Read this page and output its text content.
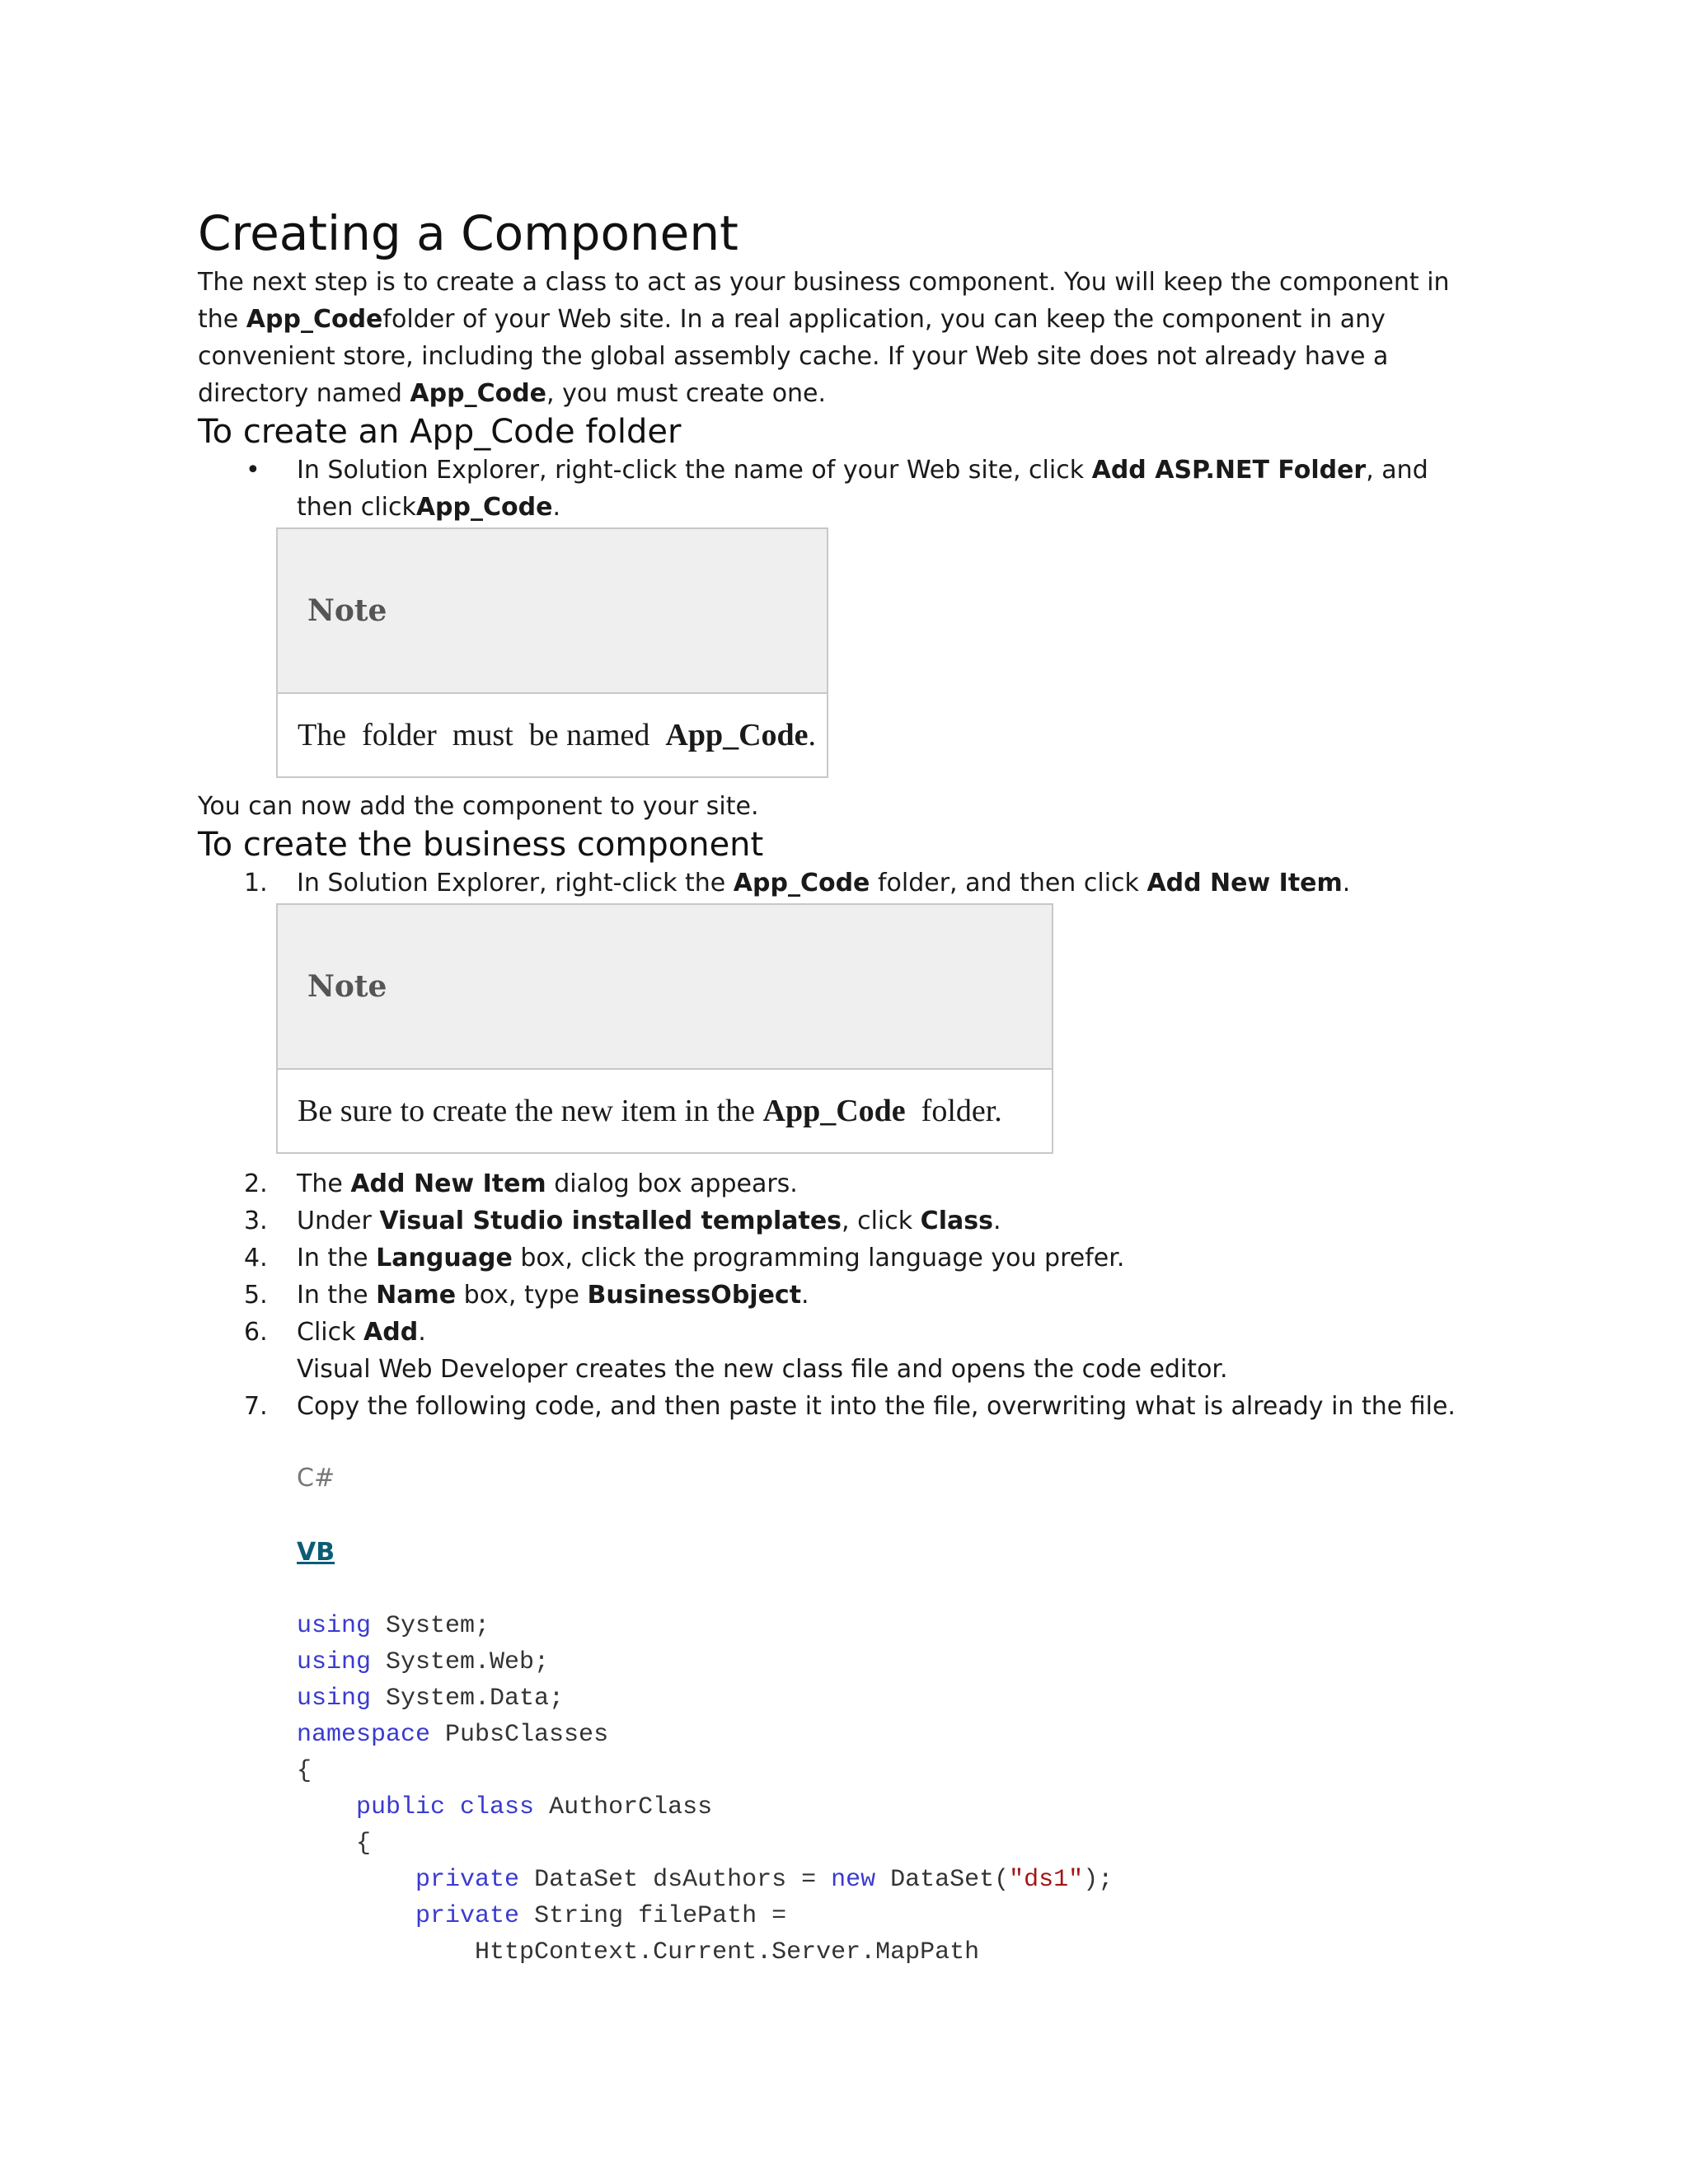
Creating a Component

The next step is to create a class to act as your business component. You will keep the component in the App_Codefolder of your Web site. In a real application, you can keep the component in any convenient store, including the global assembly cache. If your Web site does not already have a directory named App_Code, you must create one.

To create an App_Code folder
• In Solution Explorer, right-click the name of your Web site, click Add ASP.NET Folder, and then clickApp_Code.
Note
The  folder  must  be named App_Code .

You can now add the component to your site.

To create the business component
1. In Solution Explorer, right-click the App_Code folder, and then click Add New Item.
Note
Be sure to create the new item in the App_Code folder.
2. The Add New Item dialog box appears.
3. Under Visual Studio installed templates, click Class.
4. In the Language box, click the programming language you prefer.
5. In the Name box, type BusinessObject.
6. Click Add.

Visual Web Developer creates the new class file and opens the code editor.

7. Copy the following code, and then paste it into the file, overwriting what is already in the file.
C#
VB
using System;
using System.Web;
using System.Data;
namespace PubsClasses
{
public class AuthorClass
{
private DataSet dsAuthors = new DataSet("ds1");
private String filePath =
HttpContext.Current.Server.MapPath
